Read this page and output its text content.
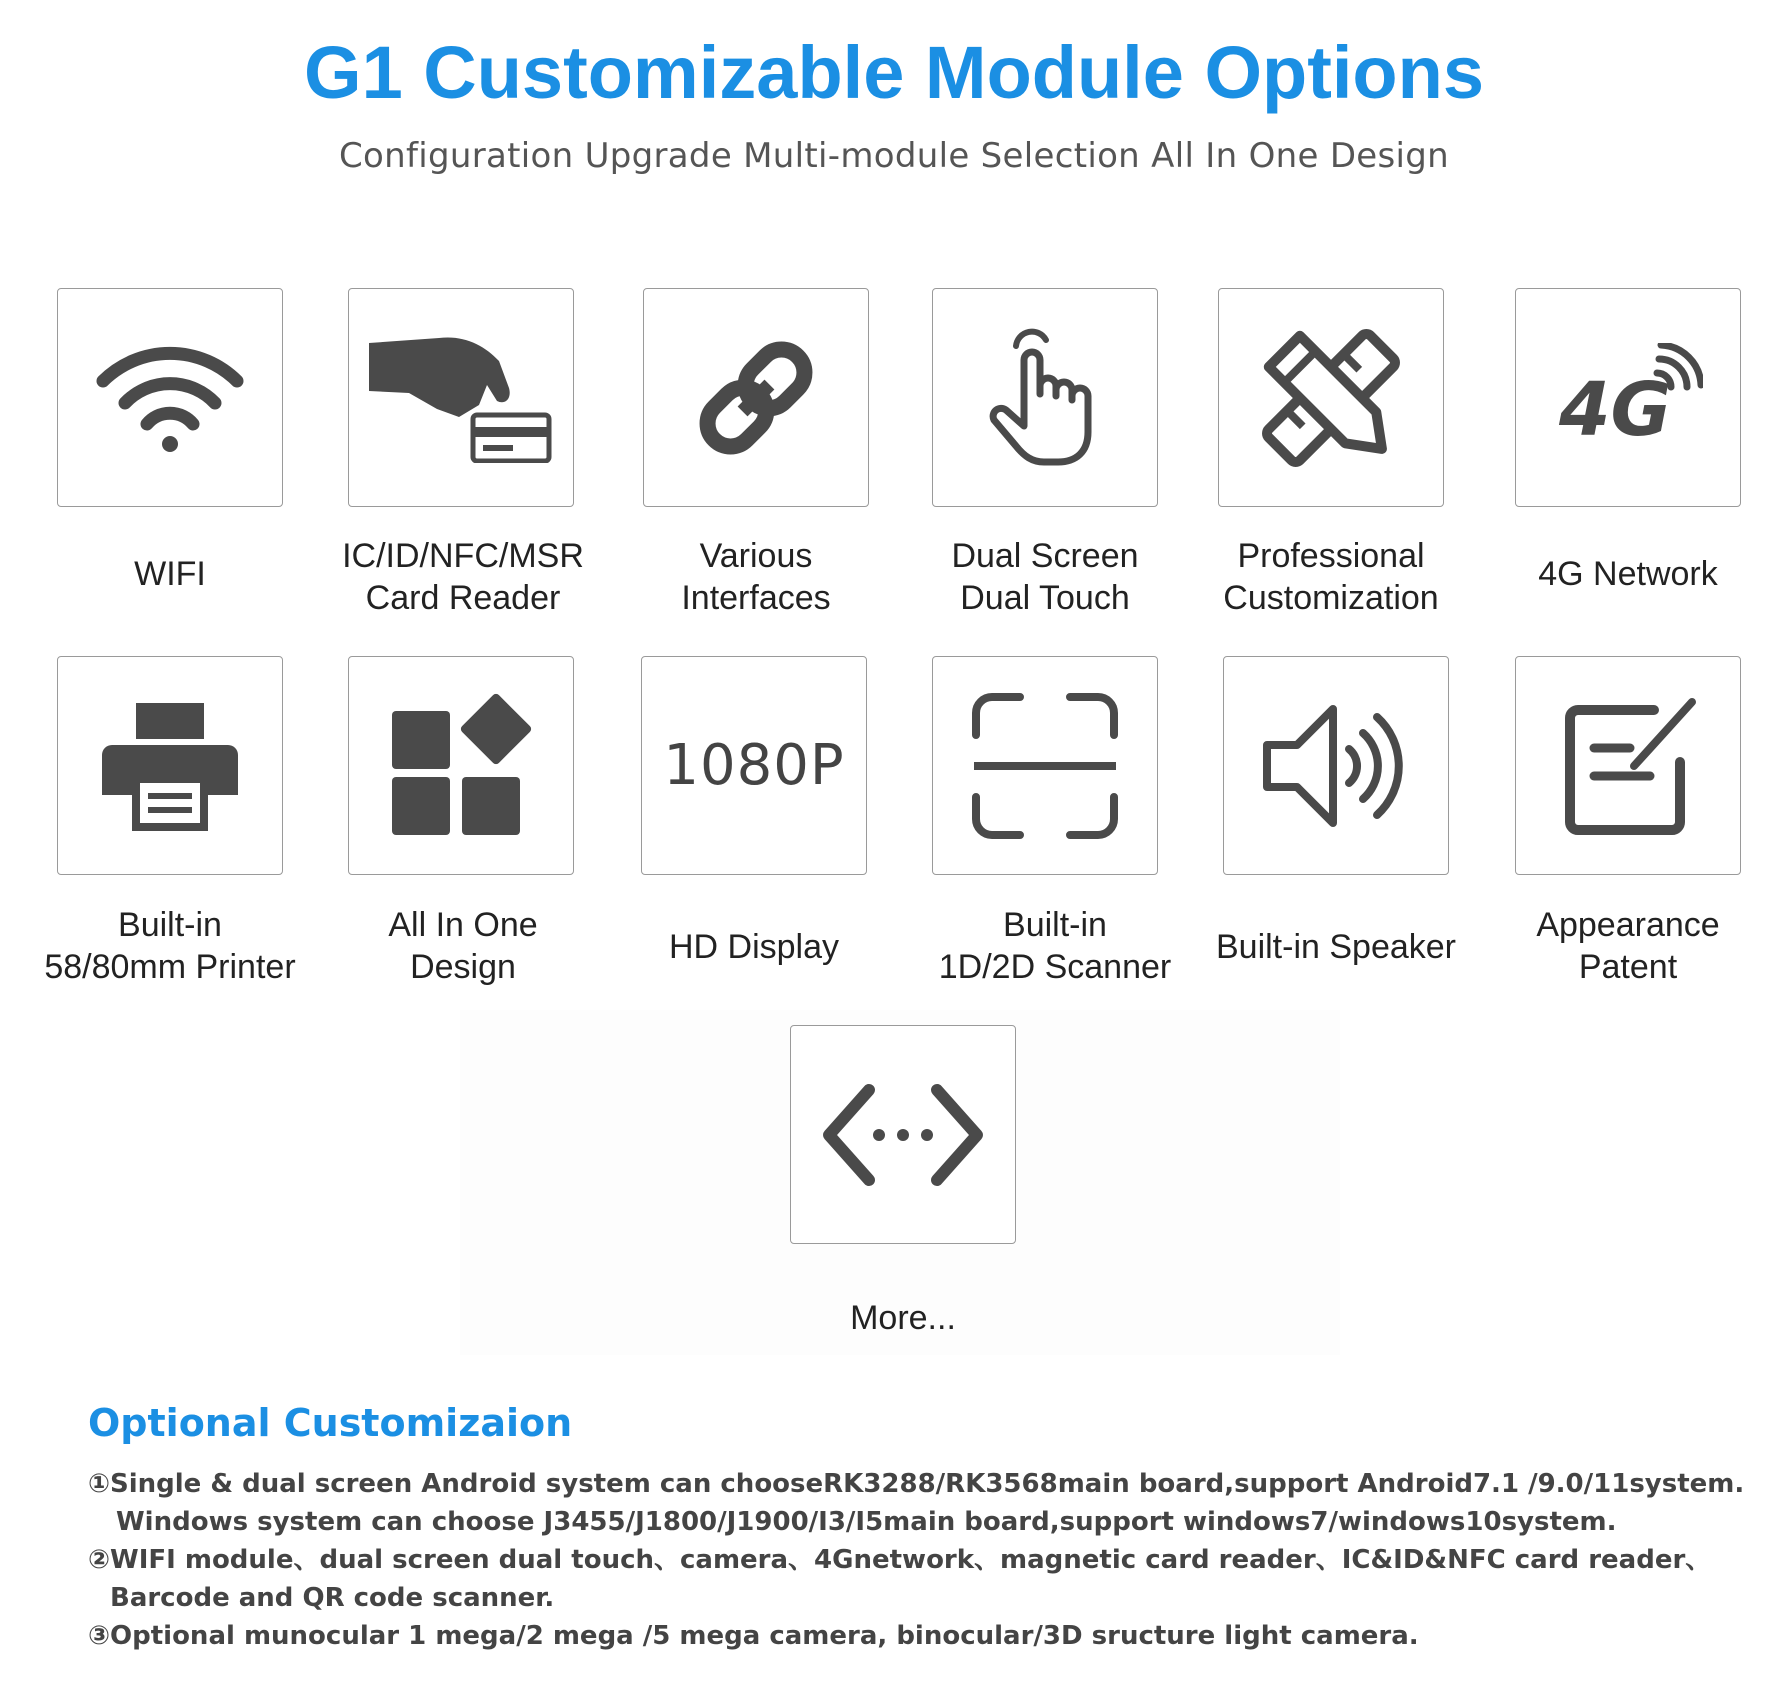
G1 Customizable Module Options
Configuration Upgrade Multi-module Selection All In One Design
WIFI	IC/ID/NFC/MSR
Card Reader
Various
Interfaces
Dual Screen
Dual Touch
Professional
Customization
4G
4G Network
Built-in
58/80mm Printer
All In One
Design
1080P
HD Display
Built-in
1D/2D Scanner
Built-in Speaker
Appearance
Patent
More...
Optional Customizaion
①Single & dual screen Android system can chooseRK3288/RK3568main board,support Android7.1 /9.0/11system.
Windows system can choose J3455/J1800/J1900/I3/I5main board,support windows7/windows10system.
②WIFI module、dual screen dual touch、camera、4Gnetwork、magnetic card reader、IC&ID&NFC card reader、
Barcode and QR code scanner.
③Optional munocular 1 mega/2 mega /5 mega camera, binocular/3D sructure light camera.
